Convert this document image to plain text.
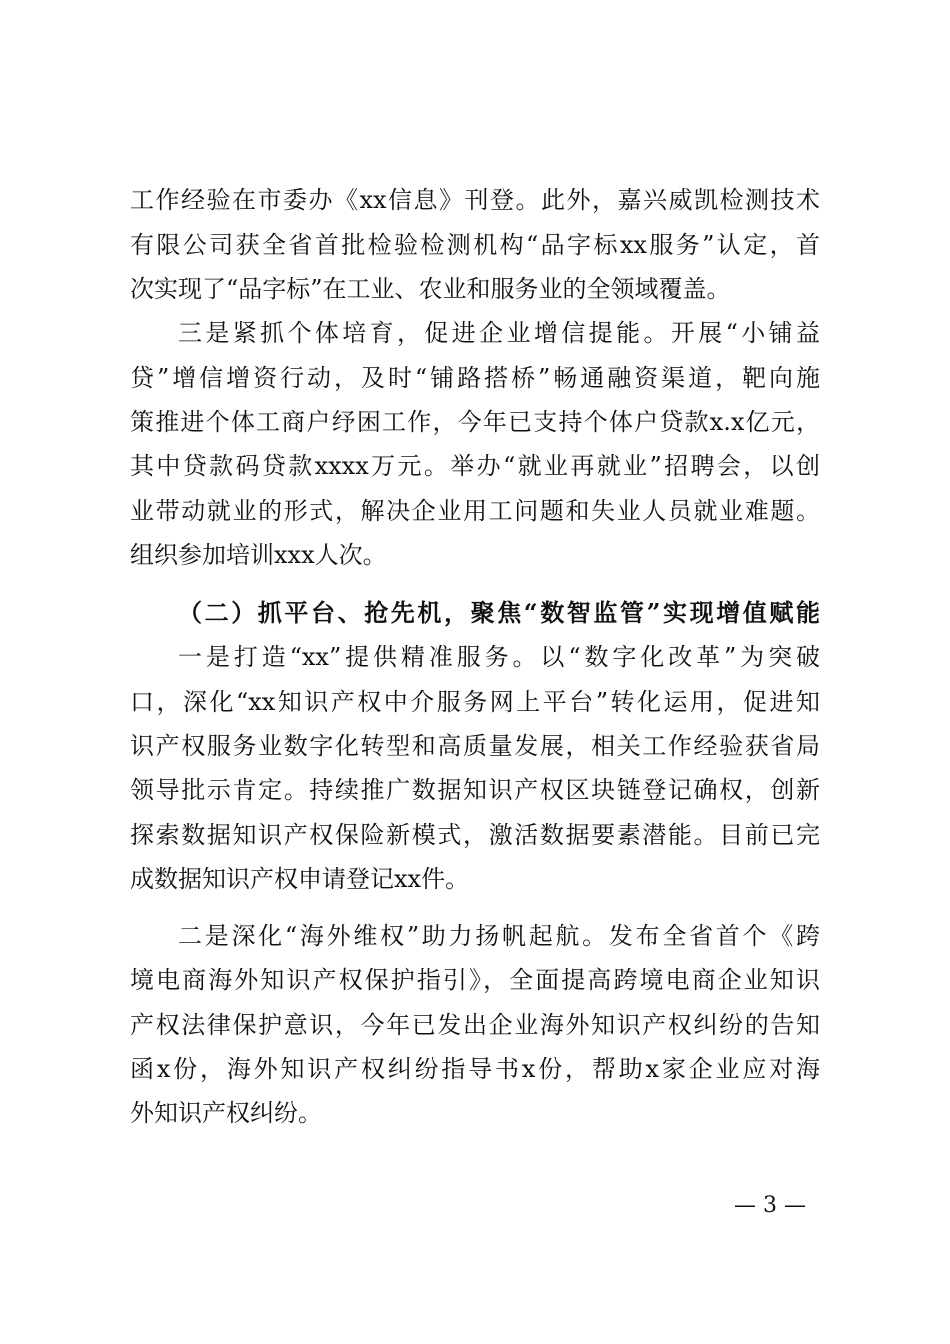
工作经验在市委办《xx信息》刊登。此外，嘉兴威凯检测技术
有限公司获全省首批检验检测机构“品字标xx服务”认定，首
次实现了“品字标”在工业、农业和服务业的全领域覆盖。
三是紧抓个体培育，促进企业增信提能。开展“小铺益
贷”增信增资行动，及时“铺路搭桥”畅通融资渠道，靶向施
策推进个体工商户纾困工作，今年已支持个体户贷款x.x亿元，
其中贷款码贷款xxxx万元。举办“就业再就业”招聘会，以创
业带动就业的形式，解决企业用工问题和失业人员就业难题。
组织参加培训xxx人次。
（二）抓平台、抢先机，聚焦“数智监管”实现增值赋能
一是打造“xx”提供精准服务。以“数字化改革”为突破
口，深化“xx知识产权中介服务网上平台”转化运用，促进知
识产权服务业数字化转型和高质量发展，相关工作经验获省局
领导批示肯定。持续推广数据知识产权区块链登记确权，创新
探索数据知识产权保险新模式，激活数据要素潜能。目前已完
成数据知识产权申请登记xx件。
二是深化“海外维权”助力扬帆起航。发布全省首个《跨
境电商海外知识产权保护指引》，全面提高跨境电商企业知识
产权法律保护意识，今年已发出企业海外知识产权纠纷的告知
函x份，海外知识产权纠纷指导书x份，帮助x家企业应对海
外知识产权纠纷。
— 3 —
